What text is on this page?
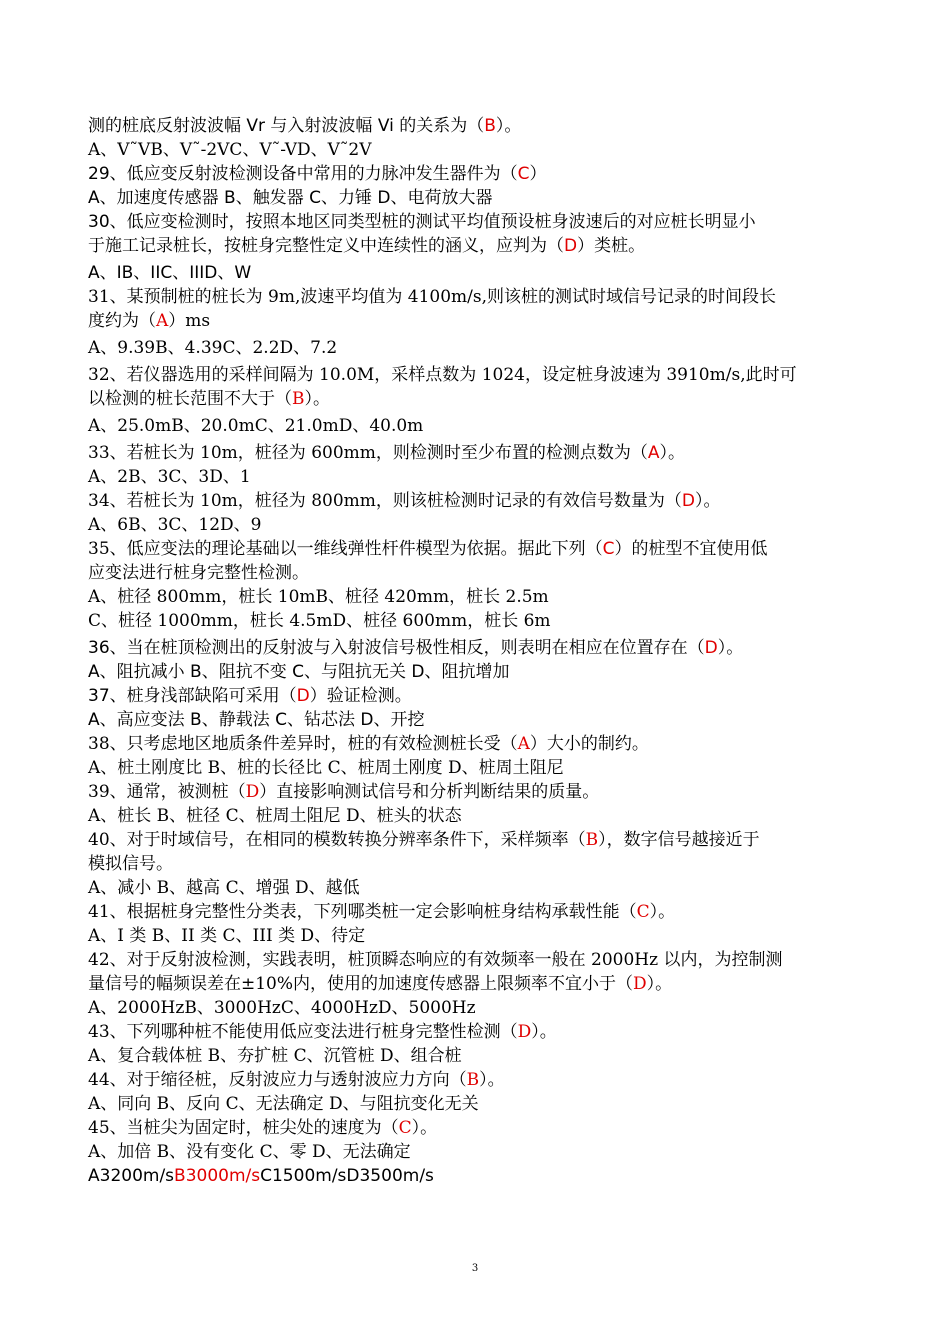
测的桩底反射波波幅 Vr 与入射波波幅 Vi 的关系为（B）。
A、V˜VB、V˜-2VC、V˜-VD、V˜2V
29、低应变反射波检测设备中常用的力脉冲发生器件为（C）
A、加速度传感器 B、触发器 C、力锤 D、电荷放大器
30、低应变检测时，按照本地区同类型桩的测试平均值预设桩身波速后的对应桩长明显小
于施工记录桩长，按桩身完整性定义中连续性的涵义，应判为（D）类桩。
A、IB、IIC、IIID、W
31、某预制桩的桩长为 9m,波速平均值为 4100m/s,则该桩的测试时域信号记录的时间段长
度约为（A）ms
A、9.39B、4.39C、2.2D、7.2
32、若仪器选用的采样间隔为 10.0M，采样点数为 1024，设定桩身波速为 3910m/s,此时可
以检测的桩长范围不大于（B）。
A、25.0mB、20.0mC、21.0mD、40.0m
33、若桩长为 10m，桩径为 600mm，则检测时至少布置的检测点数为（A）。
A、2B、3C、3D、1
34、若桩长为 10m，桩径为 800mm，则该桩检测时记录的有效信号数量为（D）。
A、6B、3C、12D、9
35、低应变法的理论基础以一维线弹性杆件模型为依据。据此下列（C）的桩型不宜使用低
应变法进行桩身完整性检测。
A、桩径 800mm，桩长 10mB、桩径 420mm，桩长 2.5m
C、桩径 1000mm，桩长 4.5mD、桩径 600mm，桩长 6m
36、当在桩顶检测出的反射波与入射波信号极性相反，则表明在相应在位置存在（D）。
A、阻抗减小 B、阻抗不变 C、与阻抗无关 D、阻抗增加
37、桩身浅部缺陷可采用（D）验证检测。
A、高应变法 B、静载法 C、钻芯法 D、开挖
38、只考虑地区地质条件差异时，桩的有效检测桩长受（A）大小的制约。
A、桩土刚度比 B、桩的长径比 C、桩周土刚度 D、桩周土阻尼
39、通常，被测桩（D）直接影响测试信号和分析判断结果的质量。
A、桩长 B、桩径 C、桩周土阻尼 D、桩头的状态
40、对于时域信号，在相同的模数转换分辨率条件下，采样频率（B），数字信号越接近于
模拟信号。
A、减小 B、越高 C、增强 D、越低
41、根据桩身完整性分类表，下列哪类桩一定会影响桩身结构承载性能（C）。
A、I 类 B、II 类 C、III 类 D、待定
42、对于反射波检测，实践表明，桩顶瞬态响应的有效频率一般在 2000Hz 以内，为控制测
量信号的幅频误差在±10%内，使用的加速度传感器上限频率不宜小于（D）。
A、2000HzB、3000HzC、4000HzD、5000Hz
43、下列哪种桩不能使用低应变法进行桩身完整性检测（D）。
A、复合载体桩 B、夯扩桩 C、沉管桩 D、组合桩
44、对于缩径桩，反射波应力与透射波应力方向（B）。
A、同向 B、反向 C、无法确定 D、与阻抗变化无关
45、当桩尖为固定时，桩尖处的速度为（C）。
A、加倍 B、没有变化 C、零 D、无法确定
A3200m/sB3000m/sC1500m/sD3500m/s
3
